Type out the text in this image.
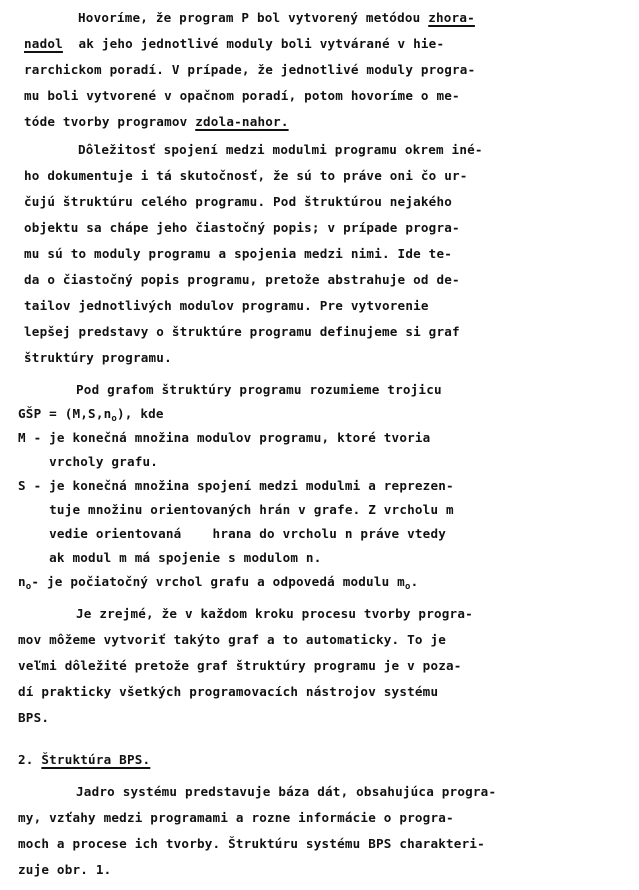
Hovoríme, že program P bol vytvorený metódou zhora-
nadol  ak jeho jednotlivé moduly boli vytvárané v hie-
rarchickom poradí. V prípade, že jednotlivé moduly progra-
mu boli vytvorené v opačnom poradí, potom hovoríme o me-
tóde tvorby programov zdola-nahor.
Dôležitosť spojení medzi modulmi programu okrem iné-
ho dokumentuje i tá skutočnosť, že sú to práve oni čo ur-
čujú štruktúru celého programu. Pod štruktúrou nejakého
objektu sa chápe jeho čiastočný popis; v prípade progra-
mu sú to moduly programu a spojenia medzi nimi. Ide te-
da o čiastočný popis programu, pretože abstrahuje od de-
tailov jednotlivých modulov programu. Pre vytvorenie
lepšej predstavy o štruktúre programu definujeme si graf
štruktúry programu.
Pod grafom štruktúry programu rozumieme trojicu
GŠP = $(M,S,n_o)$, kde
M - je konečná množina modulov programu, ktoré tvoria
vrcholy grafu.
S - je konečná množina spojení medzi modulmi a reprezen-
tuje množinu orientovaných hrán v grafe. Z vrcholu m
vedie orientovaná    hrana do vrcholu n práve vtedy
ak modul m má spojenie s modulom n.
$n_o-$ je počiatočný vrchol grafu a odpovedá modulu $m_o$.
Je zrejmé, že v každom kroku procesu tvorby progra-
mov môžeme vytvoriť takýto graf a to automaticky. To je
veľmi dôležité pretože graf štruktúry programu je v poza-
dí prakticky všetkých programovacích nástrojov systému
BPS.
2. Štruktúra BPS.
Jadro systému predstavuje báza dát, obsahujúca progra-
my, vzťahy medzi programami a rozne informácie o progra-
moch a procese ich tvorby. Štruktúru systému BPS charakteri-
zuje obr. 1.
